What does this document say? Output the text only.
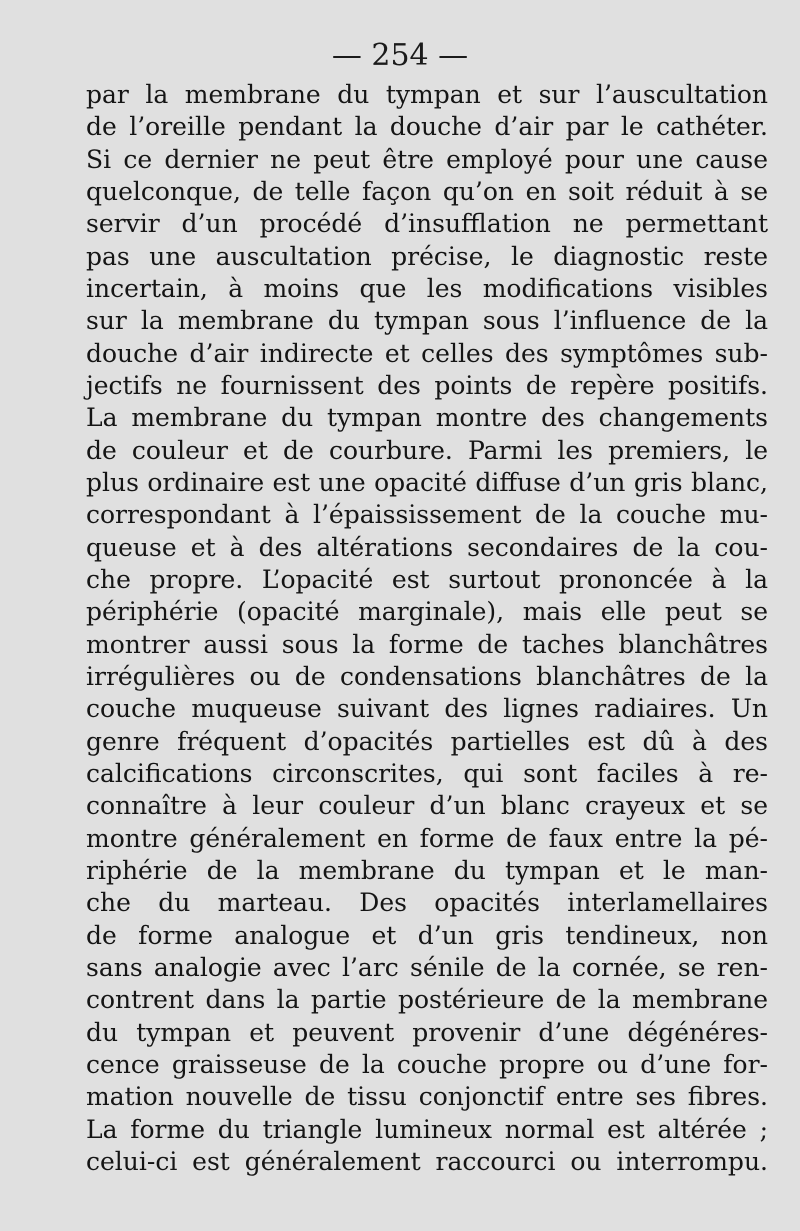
— 254 —
par la membrane du tympan et sur l’auscultation
de l’oreille pendant la douche d’air par le cathéter.
Si ce dernier ne peut être employé pour une cause
quelconque, de telle façon qu’on en soit réduit à se
servir d’un procédé d’insufflation ne permettant
pas une auscultation précise, le diagnostic reste
incertain, à moins que les modifications visibles
sur la membrane du tympan sous l’influence de la
douche d’air indirecte et celles des symptômes sub-
jectifs ne fournissent des points de repère positifs.
La membrane du tympan montre des changements
de couleur et de courbure. Parmi les premiers, le
plus ordinaire est une opacité diffuse d’un gris blanc,
correspondant à l’épaississement de la couche mu-
queuse et à des altérations secondaires de la cou-
che propre. L’opacité est surtout prononcée à la
périphérie (opacité marginale), mais elle peut se
montrer aussi sous la forme de taches blanchâtres
irrégulières ou de condensations blanchâtres de la
couche muqueuse suivant des lignes radiaires. Un
genre fréquent d’opacités partielles est dû à des
calcifications circonscrites, qui sont faciles à re-
connaître à leur couleur d’un blanc crayeux et se
montre généralement en forme de faux entre la pé-
riphérie de la membrane du tympan et le man-
che du marteau. Des opacités interlamellaires
de forme analogue et d’un gris tendineux, non
sans analogie avec l’arc sénile de la cornée, se ren-
contrent dans la partie postérieure de la membrane
du tympan et peuvent provenir d’une dégénéres-
cence graisseuse de la couche propre ou d’une for-
mation nouvelle de tissu conjonctif entre ses fibres.
La forme du triangle lumineux normal est altérée ;
celui-ci est généralement raccourci ou interrompu.
